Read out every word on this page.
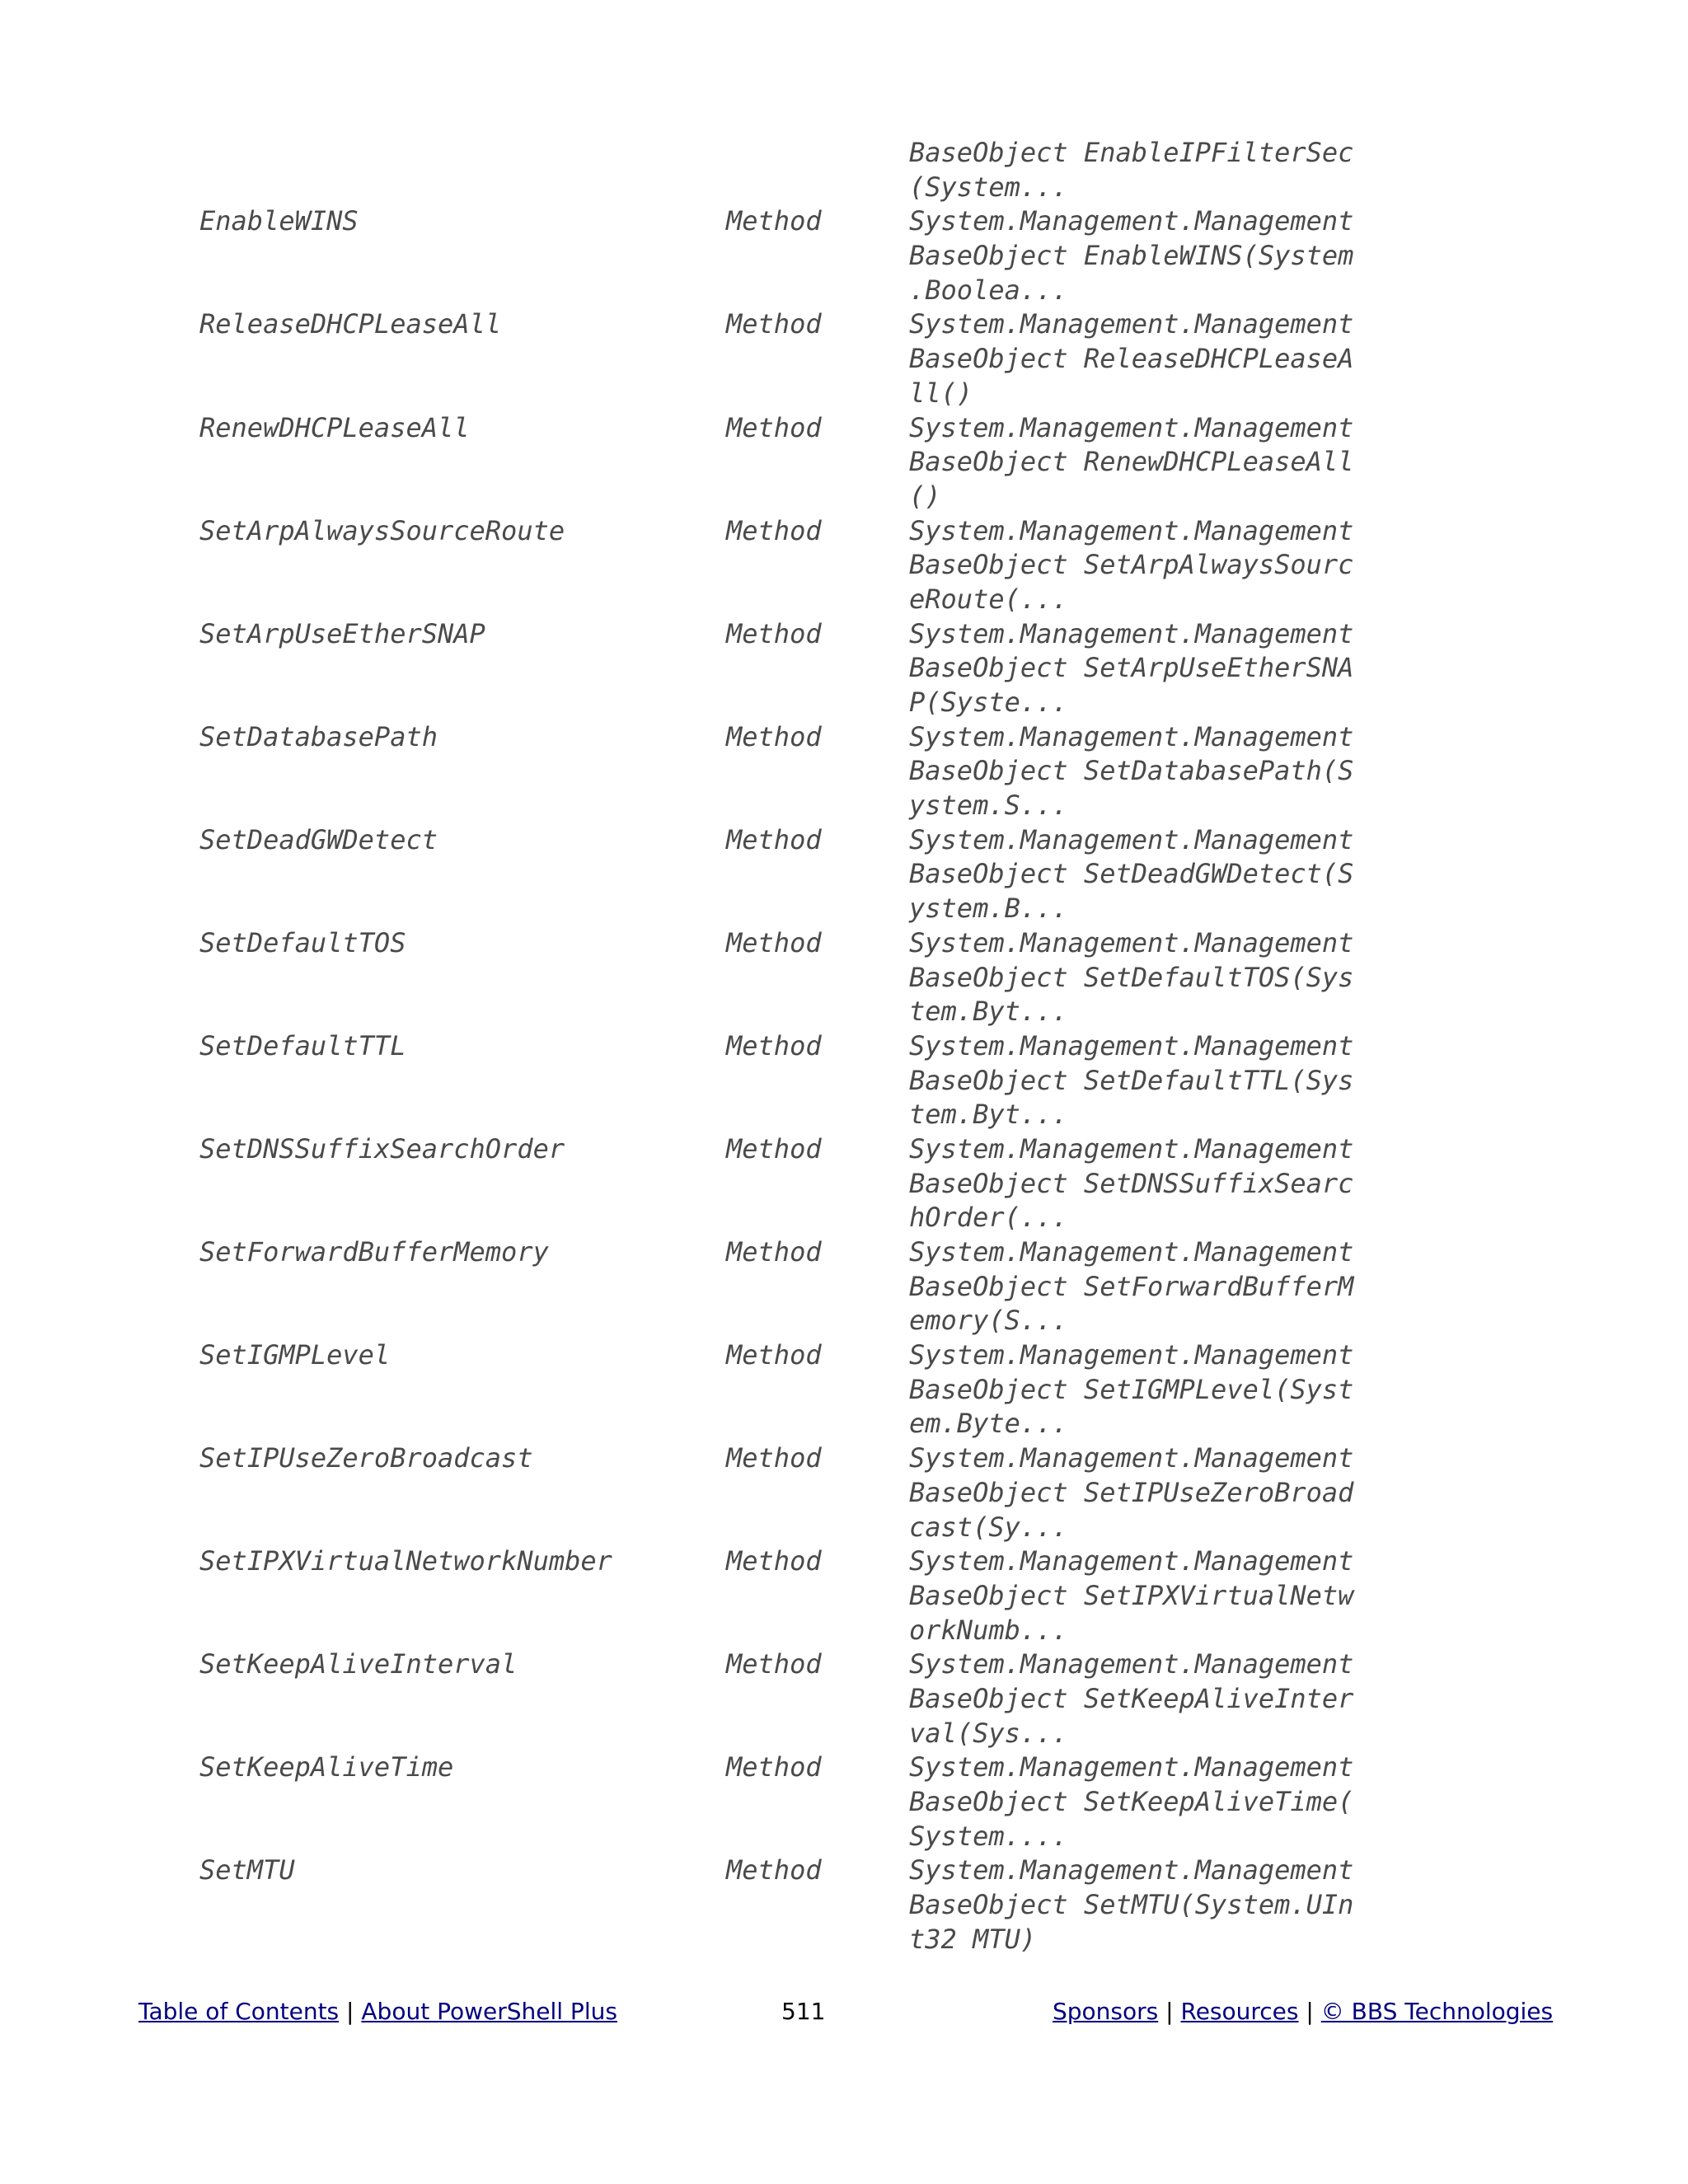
BaseObject EnableIPFilterSec
(System...
EnableWINS	Method	System.Management.Management
BaseObject EnableWINS(System
.Boolea...
ReleaseDHCPLeaseAll	Method	System.Management.Management
BaseObject ReleaseDHCPLeaseA
ll()
RenewDHCPLeaseAll	Method	System.Management.Management
BaseObject RenewDHCPLeaseAll
()
SetArpAlwaysSourceRoute	Method	System.Management.Management
BaseObject SetArpAlwaysSourc
eRoute(...
SetArpUseEtherSNAP	Method	System.Management.Management
BaseObject SetArpUseEtherSNA
P(Syste...
SetDatabasePath	Method	System.Management.Management
BaseObject SetDatabasePath(S
ystem.S...
SetDeadGWDetect	Method	System.Management.Management
BaseObject SetDeadGWDetect(S
ystem.B...
SetDefaultTOS	Method	System.Management.Management
BaseObject SetDefaultTOS(Sys
tem.Byt...
SetDefaultTTL	Method	System.Management.Management
BaseObject SetDefaultTTL(Sys
tem.Byt...
SetDNSSuffixSearchOrder	Method	System.Management.Management
BaseObject SetDNSSuffixSearc
hOrder(...
SetForwardBufferMemory	Method	System.Management.Management
BaseObject SetForwardBufferM
emory(S...
SetIGMPLevel	Method	System.Management.Management
BaseObject SetIGMPLevel(Syst
em.Byte...
SetIPUseZeroBroadcast	Method	System.Management.Management
BaseObject SetIPUseZeroBroad
cast(Sy...
SetIPXVirtualNetworkNumber	Method	System.Management.Management
BaseObject SetIPXVirtualNetw
orkNumb...
SetKeepAliveInterval	Method	System.Management.Management
BaseObject SetKeepAliveInter
val(Sys...
SetKeepAliveTime	Method	System.Management.Management
BaseObject SetKeepAliveTime(
System....
SetMTU	Method	System.Management.Management
BaseObject SetMTU(System.UIn
t32 MTU)
Table of Contents | About PowerShell Plus	511	Sponsors | Resources | © BBS Technologies
